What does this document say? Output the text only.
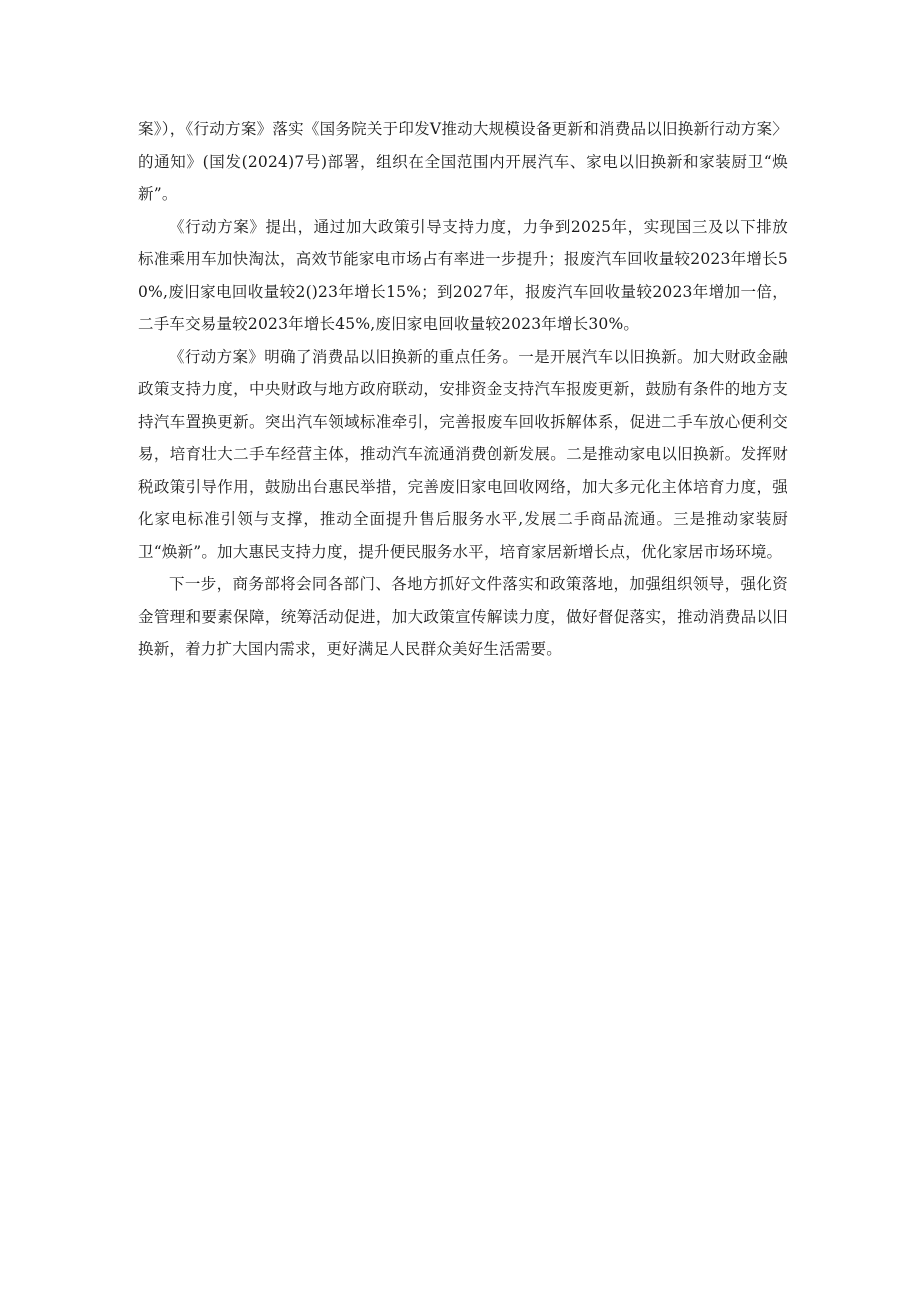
案》），《行动方案》落实《国务院关于印发V推动大规模设备更新和消费品以旧换新行动方案〉的通知》(国发(2024)7号)部署，组织在全国范围内开展汽车、家电以旧换新和家装厨卫“焕新”。

《行动方案》提出，通过加大政策引导支持力度，力争到2025年，实现国三及以下排放标准乘用车加快淘汰，高效节能家电市场占有率进一步提升；报废汽车回收量较2023年增长50%,废旧家电回收量较2()23年增长15%；到2027年，报废汽车回收量较2023年增加一倍，二手车交易量较2023年增长45%,废旧家电回收量较2023年增长30%。

《行动方案》明确了消费品以旧换新的重点任务。一是开展汽车以旧换新。加大财政金融政策支持力度，中央财政与地方政府联动，安排资金支持汽车报废更新，鼓励有条件的地方支持汽车置换更新。突出汽车领域标准牵引，完善报废车回收拆解体系，促进二手车放心便利交易，培育壮大二手车经营主体，推动汽车流通消费创新发展。二是推动家电以旧换新。发挥财税政策引导作用，鼓励出台惠民举措，完善废旧家电回收网络，加大多元化主体培育力度，强化家电标准引领与支撑，推动全面提升售后服务水平,发展二手商品流通。三是推动家装厨卫“焕新”。加大惠民支持力度，提升便民服务水平，培育家居新增长点，优化家居市场环境。

下一步，商务部将会同各部门、各地方抓好文件落实和政策落地，加强组织领导，强化资金管理和要素保障，统筹活动促进，加大政策宣传解读力度，做好督促落实，推动消费品以旧换新，着力扩大国内需求，更好满足人民群众美好生活需要。
